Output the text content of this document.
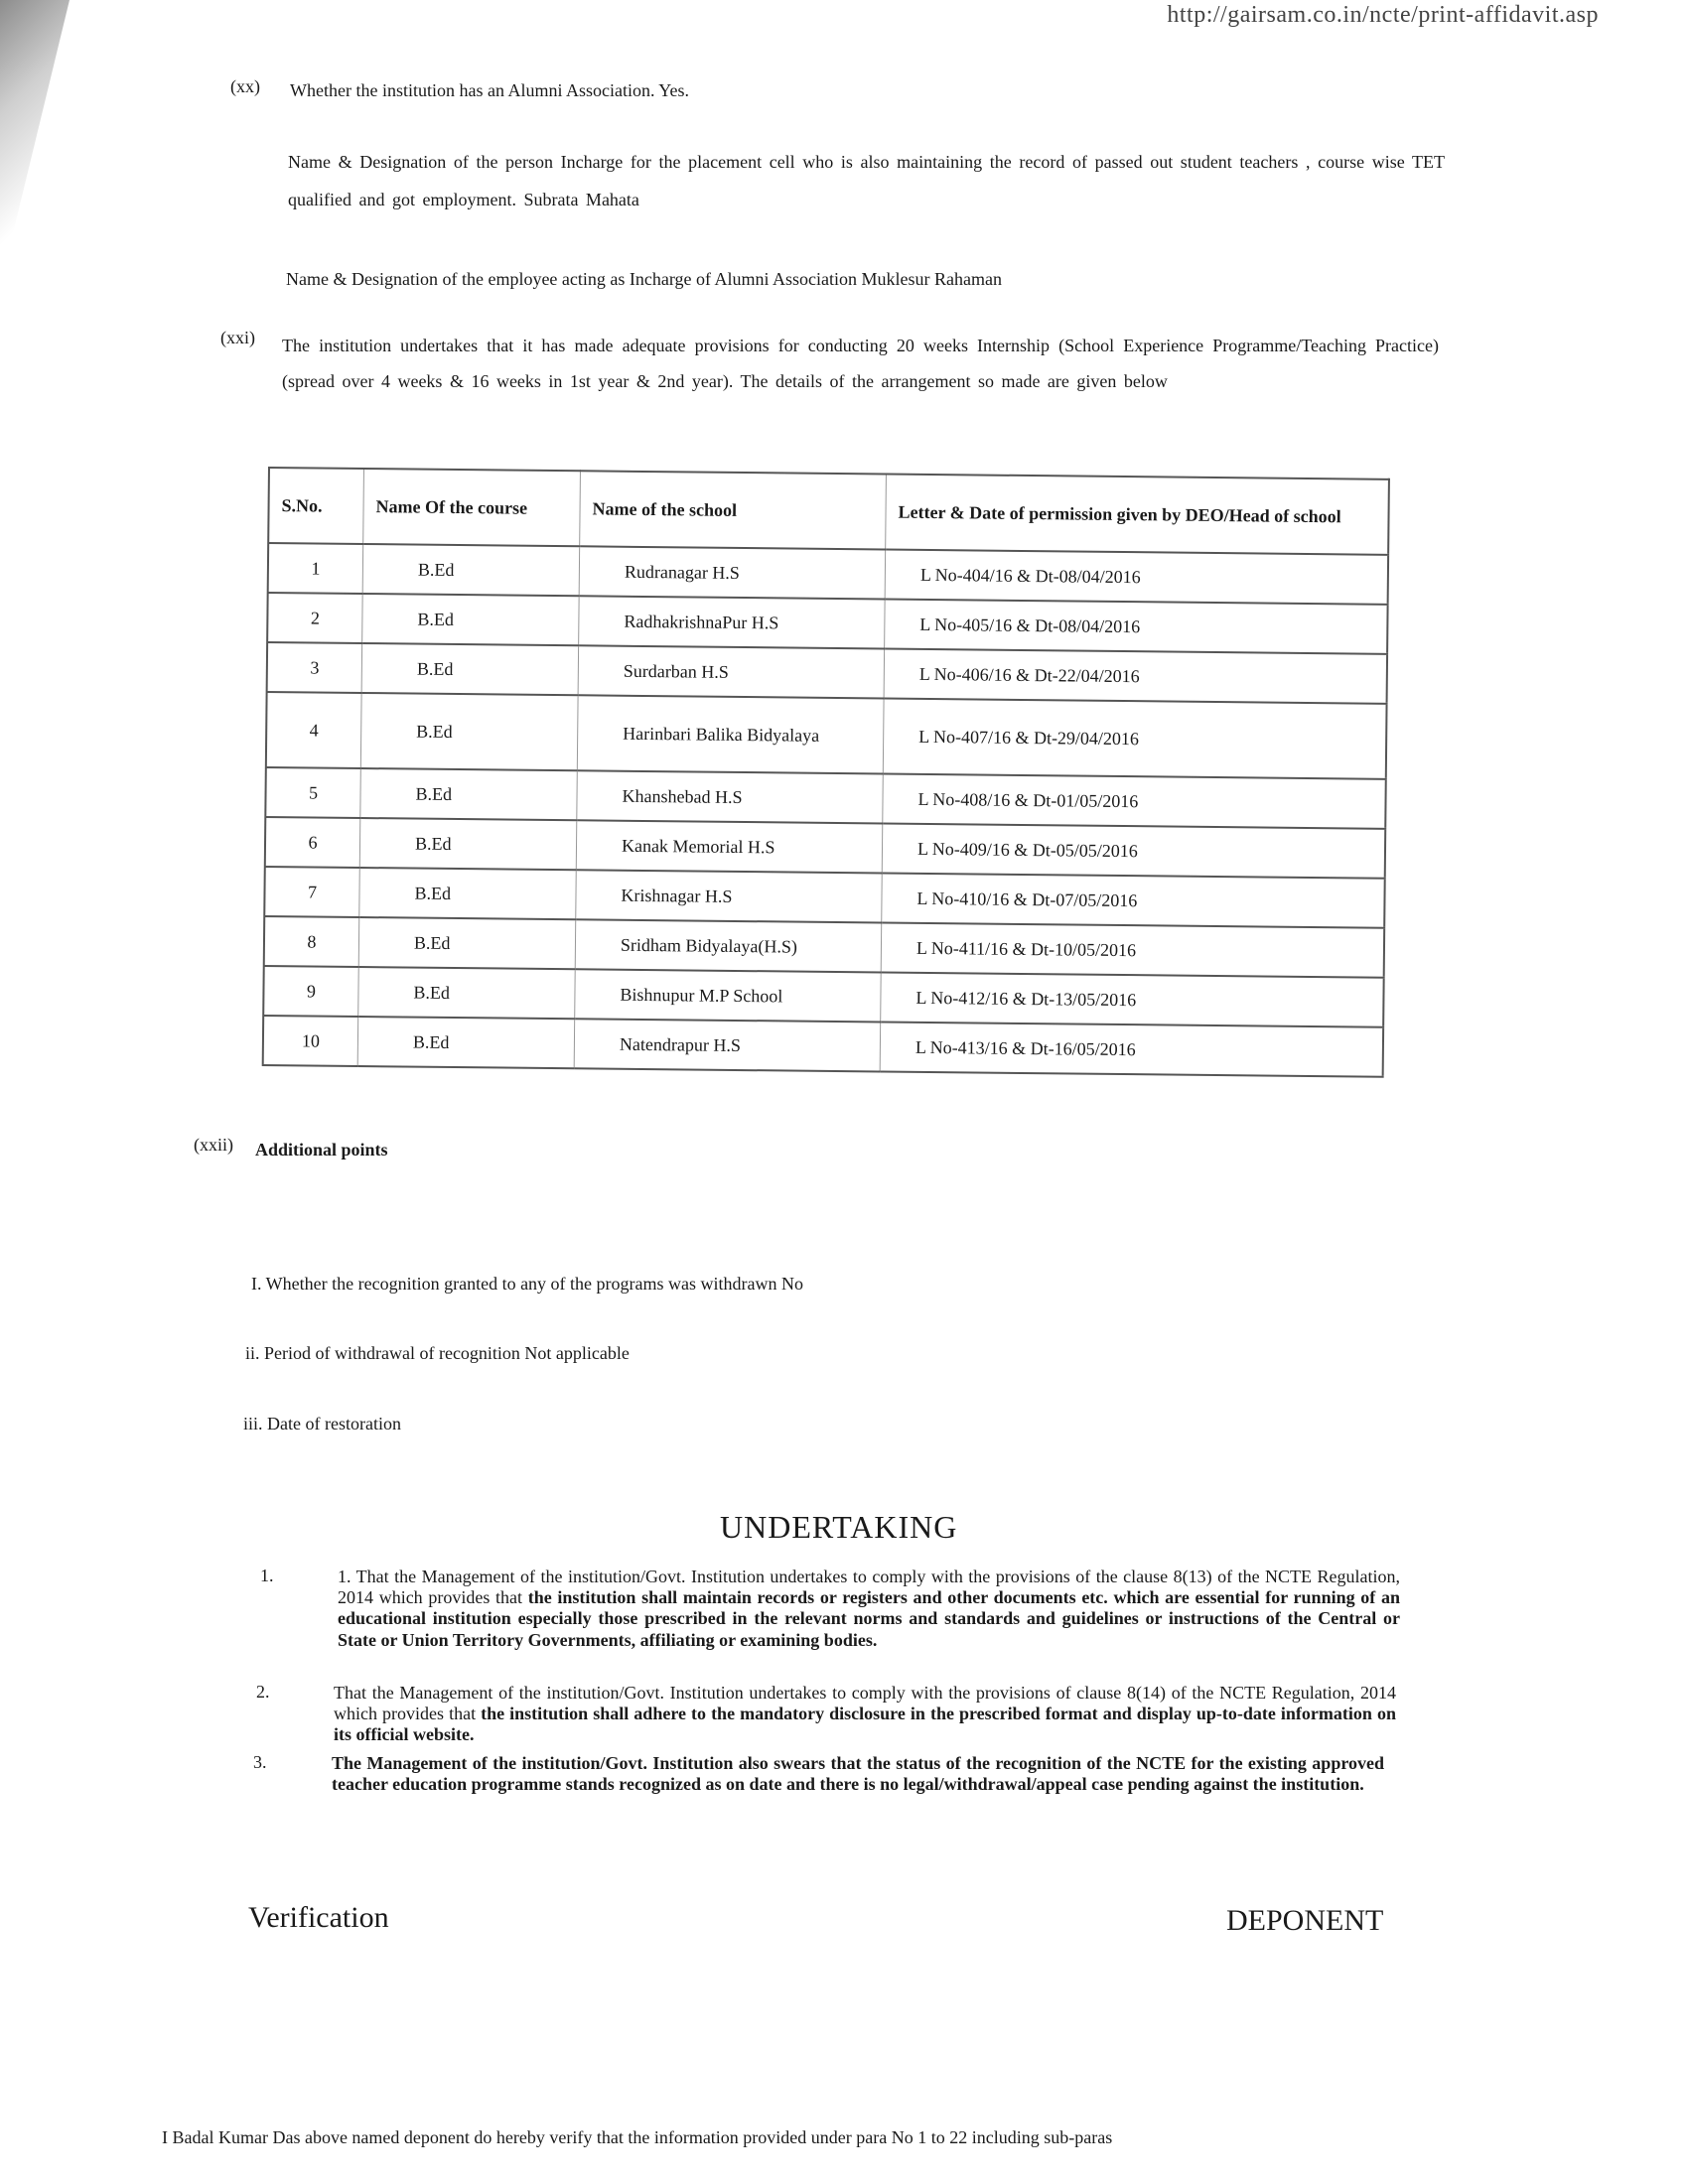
http://gairsam.co.in/ncte/print-affidavit.asp
(xx) Whether the institution has an Alumni Association. Yes.
Name & Designation of the person Incharge for the placement cell who is also maintaining the record of passed out student teachers , course wise TET qualified and got employment. Subrata Mahata
Name & Designation of the employee acting as Incharge of Alumni Association Muklesur Rahaman
(xxi) The institution undertakes that it has made adequate provisions for conducting 20 weeks Internship (School Experience Programme/Teaching Practice) (spread over 4 weeks & 16 weeks in 1st year & 2nd year). The details of the arrangement so made are given below
S.No.	Name Of the course	Name of the school	Letter & Date of permission given by DEO/Head of school
1	B.Ed	Rudranagar H.S	L No-404/16 & Dt-08/04/2016
2	B.Ed	RadhakrishnaPur H.S	L No-405/16 & Dt-08/04/2016
3	B.Ed	Surdarban H.S	L No-406/16 & Dt-22/04/2016
4	B.Ed	Harinbari Balika Bidyalaya	L No-407/16 & Dt-29/04/2016
5	B.Ed	Khanshebad H.S	L No-408/16 & Dt-01/05/2016
6	B.Ed	Kanak Memorial H.S	L No-409/16 & Dt-05/05/2016
7	B.Ed	Krishnagar H.S	L No-410/16 & Dt-07/05/2016
8	B.Ed	Sridham Bidyalaya(H.S)	L No-411/16 & Dt-10/05/2016
9	B.Ed	Bishnupur M.P School	L No-412/16 & Dt-13/05/2016
10	B.Ed	Natendrapur H.S	L No-413/16 & Dt-16/05/2016
(xxii) Additional points
I. Whether the recognition granted to any of the programs was withdrawn No
ii. Period of withdrawal of recognition Not applicable
iii. Date of restoration
UNDERTAKING
1.	1. That the Management of the institution/Govt. Institution undertakes to comply with the provisions of the clause 8(13) of the NCTE Regulation, 2014 which provides that the institution shall maintain records or registers and other documents etc. which are essential for running of an educational institution especially those prescribed in the relevant norms and standards and guidelines or instructions of the Central or State or Union Territory Governments, affiliating or examining bodies.
2.	That the Management of the institution/Govt. Institution undertakes to comply with the provisions of clause 8(14) of the NCTE Regulation, 2014 which provides that the institution shall adhere to the mandatory disclosure in the prescribed format and display up-to-date information on its official website.
3.	The Management of the institution/Govt. Institution also swears that the status of the recognition of the NCTE for the existing approved teacher education programme stands recognized as on date and there is no legal/withdrawal/appeal case pending against the institution.
Verification	DEPONENT
I Badal Kumar Das above named deponent do hereby verify that the information provided under para No 1 to 22 including sub-paras
